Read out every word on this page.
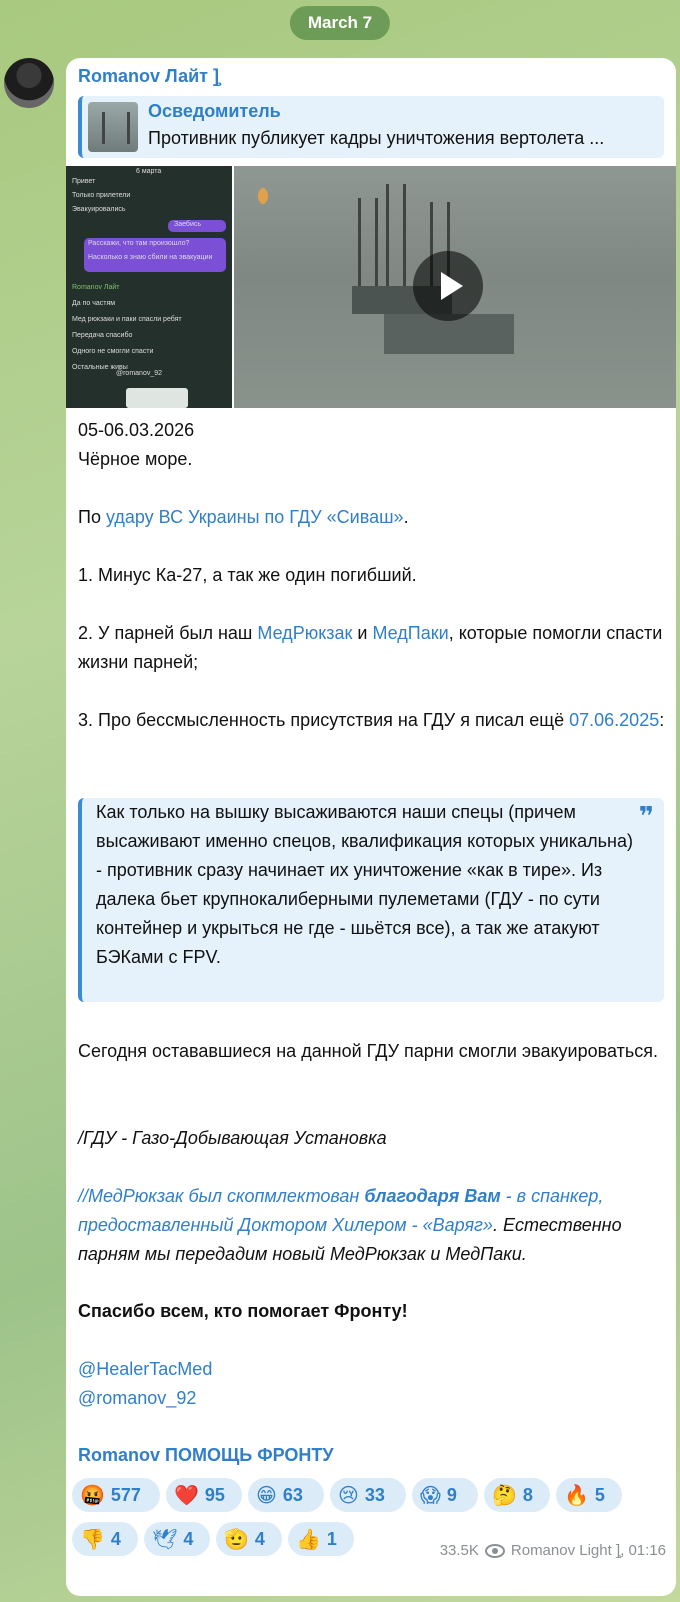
March 7
Romanov Лайт ]̧
Осведомитель
Противник публикует кадры уничтожения вертолета ...
6 марта
Привет
Только прилетели
Эвакуировались
Заебись
Расскажи, что там произошло?
Насколько я знаю сбили на эвакуации
Romanov Лайт
Да по частям
Мед рюкзаки и паки спасли ребят
Передача спасибо
Одного не смогли спасти
Остальные живы
@romanov_92
05-06.03.2026
Чёрное море.
По удару ВС Украины по ГДУ «Сиваш».
1. Минус Ка-27, а так же один погибший.
2. У парней был наш МедРюкзак и МедПаки, которые помогли спасти жизни парней;
3. Про бессмысленность присутствия на ГДУ я писал ещё 07.06.2025:
❞
Как только на вышку высаживаются наши спецы (причем высаживают именно спецов, квалификация которых уникальна) - противник сразу начинает их уничтожение «как в тире». Из далека бьет крупнокалиберными пулеметами (ГДУ - по сути контейнер и укрыться не где - шьётся все), а так же атакуют БЭКами с FPV.
Сегодня остававшиеся на данной ГДУ парни смогли эвакуироваться.
/ГДУ - Газо-Добывающая Установка
//МедРюкзак был скопмлектован благодаря Вам - в спанкер, предоставленный Доктором Хилером - «Варяг». Естественно парням мы передадим новый МедРюкзак и МедПаки.
Спасибо всем, кто помогает Фронту!
@HealerTacMed
@romanov_92
Romanov ПОМОЩЬ ФРОНТУ
🤬 577 ❤️ 95 😁 63 😢 33 😱 9 🤔 8 🔥 5
👎 4 🕊 4 🫡 4 👍 1
33.5K Romanov Light ]̧, 01:16
